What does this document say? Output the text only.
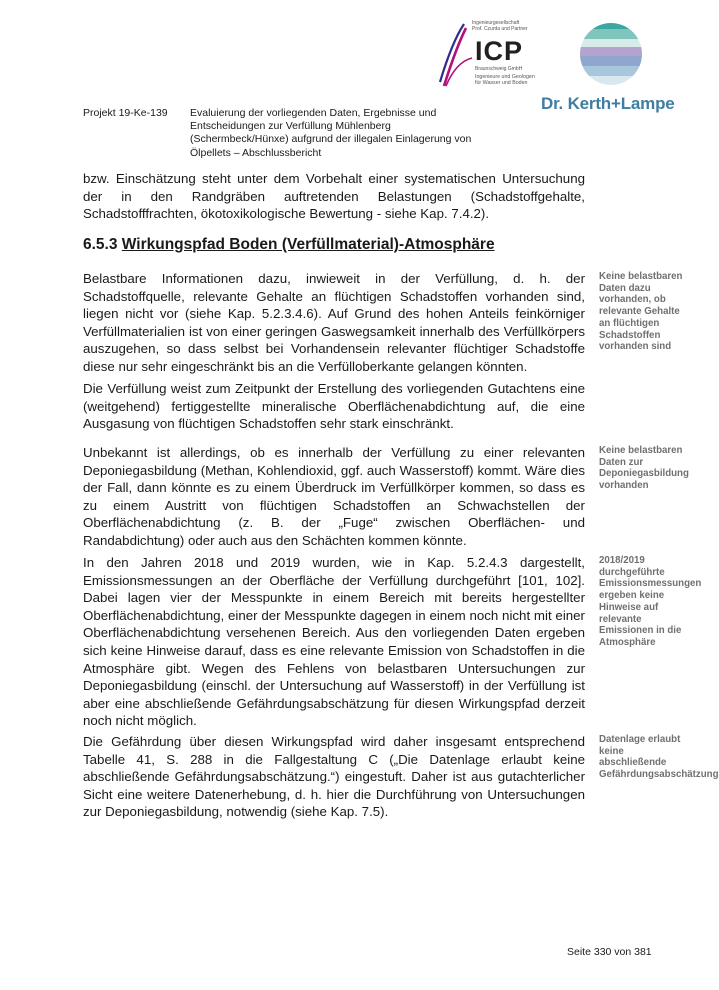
Projekt 19-Ke-139 Evaluierung der vorliegenden Daten, Ergebnisse und Entscheidungen zur Verfüllung Mühlenberg (Schermbeck/Hünxe) aufgrund der illegalen Einlagerung von Ölpellets – Abschlussbericht
Ingenieurgesellschaft
Prof. Czurda und Partner
ICP
Braunschweig GmbH
Ingenieure und Geologen
für Wasser und Boden
Dr. Kerth+Lampe
bzw. Einschätzung steht unter dem Vorbehalt einer systematischen Untersuchung der in den Randgräben auftretenden Belastungen (Schadstoffgehalte, Schadstofffrachten, ökotoxikologische Bewertung - siehe Kap. 7.4.2).
6.5.3 Wirkungspfad Boden (Verfüllmaterial)-Atmosphäre
Belastbare Informationen dazu, inwieweit in der Verfüllung, d. h. der Schadstoffquelle, relevante Gehalte an flüchtigen Schadstoffen vorhanden sind, liegen nicht vor (siehe Kap. 5.2.3.4.6). Auf Grund des hohen Anteils feinkörniger Verfüllmaterialien ist von einer geringen Gaswegsamkeit innerhalb des Verfüllkörpers auszugehen, so dass selbst bei Vorhandensein relevanter flüchtiger Schadstoffe diese nur sehr eingeschränkt bis an die Verfülloberkante gelangen könnten.
Die Verfüllung weist zum Zeitpunkt der Erstellung des vorliegenden Gutachtens eine (weitgehend) fertiggestellte mineralische Oberflächenabdichtung auf, die eine Ausgasung von flüchtigen Schadstoffen sehr stark einschränkt.
Unbekannt ist allerdings, ob es innerhalb der Verfüllung zu einer relevanten Deponiegasbildung (Methan, Kohlendioxid, ggf. auch Wasserstoff) kommt. Wäre dies der Fall, dann könnte es zu einem Überdruck im Verfüllkörper kommen, so dass es zu einem Austritt von flüchtigen Schadstoffen an Schwachstellen der Oberflächenabdichtung (z. B. der „Fuge“ zwischen Oberflächen- und Randabdichtung) oder auch aus den Schächten kommen könnte.
In den Jahren 2018 und 2019 wurden, wie in Kap. 5.2.4.3 dargestellt, Emissionsmessungen an der Oberfläche der Verfüllung durchgeführt [101, 102]. Dabei lagen vier der Messpunkte in einem Bereich mit bereits hergestellter Oberflächenabdichtung, einer der Messpunkte dagegen in einem noch nicht mit einer Oberflächenabdichtung versehenen Bereich. Aus den vorliegenden Daten ergeben sich keine Hinweise darauf, dass es eine relevante Emission von Schadstoffen in die Atmosphäre gibt. Wegen des Fehlens von belastbaren Untersuchungen zur Deponiegasbildung (einschl. der Untersuchung auf Wasserstoff) in der Verfüllung ist aber eine abschließende Gefährdungsabschätzung für diesen Wirkungspfad derzeit noch nicht möglich.
Die Gefährdung über diesen Wirkungspfad wird daher insgesamt entsprechend Tabelle 41, S. 288 in die Fallgestaltung C („Die Datenlage erlaubt keine abschließende Gefährdungsabschätzung.“) eingestuft. Daher ist aus gutachterlicher Sicht eine weitere Datenerhebung, d. h. hier die Durchführung von Untersuchungen zur Deponiegasbildung, notwendig (siehe Kap. 7.5).
Keine belastbaren Daten dazu vorhanden, ob relevante Gehalte an flüchtigen Schadstoffen vorhanden sind
Keine belastbaren Daten zur Deponiegasbildung vorhanden
2018/2019 durchgeführte Emissionsmessungen ergeben keine Hinweise auf relevante Emissionen in die Atmosphäre
Datenlage erlaubt keine abschließende Gefährdungsabschätzung
Seite 330 von 381
